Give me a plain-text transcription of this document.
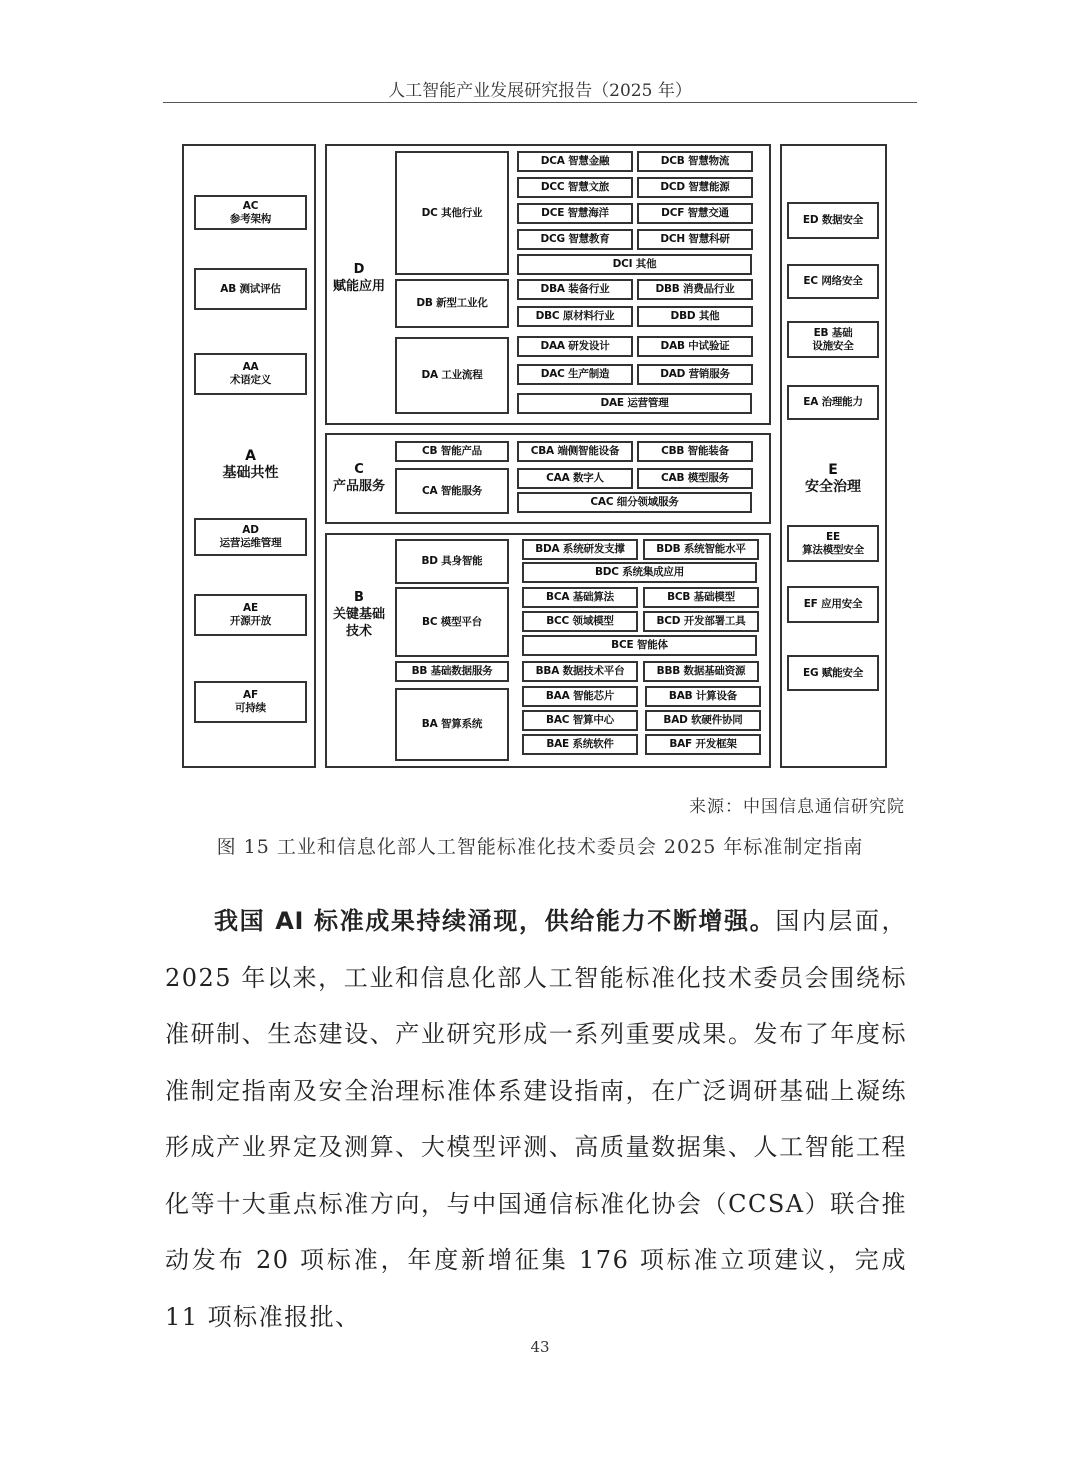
人工智能产业发展研究报告（2025 年）
AC
参考架构
AB 测试评估
AA
术语定义
A
基础共性
AD
运营运维管理
AE
开源开放
AF
可持续
ED 数据安全
EC 网络安全
EB 基础
设施安全
EA 治理能力
E
安全治理
EE
算法模型安全
EF 应用安全
EG 赋能安全
D
赋能应用
DC 其他行业
DCA 智慧金融	DCB 智慧物流
DCC 智慧文旅	DCD 智慧能源
DCE 智慧海洋	DCF 智慧交通
DCG 智慧教育	DCH 智慧科研
DCI 其他
DB 新型工业化
DBA 装备行业	DBB 消费品行业
DBC 原材料行业	DBD 其他
DA 工业流程
DAA 研发设计	DAB 中试验证
DAC 生产制造	DAD 营销服务
DAE 运营管理
C
产品服务
CB 智能产品	CBA 端侧智能设备	CBB 智能装备
CA 智能服务
CAA 数字人	CAB 模型服务
CAC 细分领域服务
B
关键基础
技术
BD 具身智能
BDA 系统研发支撑	BDB 系统智能水平
BDC 系统集成应用
BC 模型平台
BCA 基础算法	BCB 基础模型
BCC 领域模型	BCD 开发部署工具
BCE 智能体
BB 基础数据服务	BBA 数据技术平台	BBB 数据基础资源
BA 智算系统
BAA 智能芯片	BAB 计算设备
BAC 智算中心	BAD 软硬件协同
BAE 系统软件	BAF 开发框架
来源：中国信息通信研究院
图 15 工业和信息化部人工智能标准化技术委员会 2025 年标准制定指南
我国 AI 标准成果持续涌现，供给能力不断增强。国内层面，2025 年以来，工业和信息化部人工智能标准化技术委员会围绕标准研制、生态建设、产业研究形成一系列重要成果。发布了年度标准制定指南及安全治理标准体系建设指南，在广泛调研基础上凝练形成产业界定及测算、大模型评测、高质量数据集、人工智能工程化等十大重点标准方向，与中国通信标准化协会（CCSA）联合推动发布 20 项标准，年度新增征集 176 项标准立项建议，完成 11 项标准报批、
43
